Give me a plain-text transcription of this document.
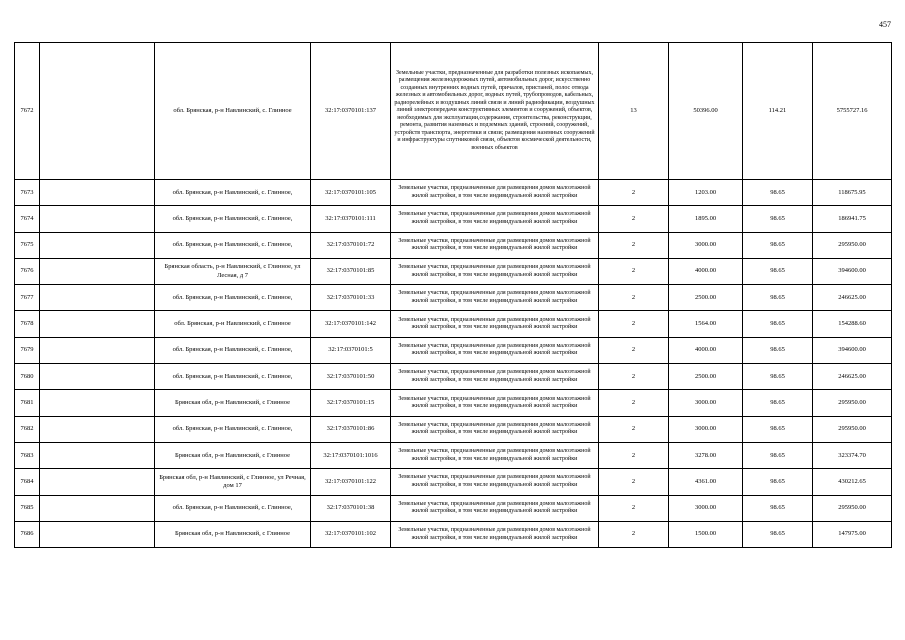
457
7672		обл. Брянская, р-н Навлинский, с. Глинное	32:17:0370101:137	Земельные участки, предназначенные для разработки полезных ископаемых, размещения железнодорожных путей, автомобильных дорог, искусственно созданных внутренних водных путей, причалов, пристаней, полос отвода железных и автомобильных дорог, водных путей, трубопроводов, кабельных, радиорелейных и воздушных линий связи и линий радиофикации, воздушных линий электропередачи конструктивных элементов и сооружений, объектов, необходимых для эксплуатации,содержания, строительства, реконструкции, ремонта, развития наземных и подземных зданий, строений, сооружений, устройств транспорта, энергетики и связи; размещения наземных сооружений и инфраструктуры спутниковой связи, объектов космической деятельности, военных объектов	13	50396.00	114.21	5755727.16
7673		обл. Брянская, р-н Навлинский, с. Глинное,	32:17:0370101:105	Земельные участки, предназначенные для размещения домов малоэтажной жилой застройки, в том числе индивидуальной жилой застройки	2	1203.00	98.65	118675.95
7674		обл. Брянская, р-н Навлинский, с. Глинное,	32:17:0370101:111	Земельные участки, предназначенные для размещения домов малоэтажной жилой застройки, в том числе индивидуальной жилой застройки	2	1895.00	98.65	186941.75
7675		обл. Брянская, р-н Навлинский, с. Глинное,	32:17:0370101:72	Земельные участки, предназначенные для размещения домов малоэтажной жилой застройки, в том числе индивидуальной жилой застройки	2	3000.00	98.65	295950.00
7676		Брянская область, р-н Навлинский, с Глинное, ул Лесная, д 7	32:17:0370101:85	Земельные участки, предназначенные для размещения домов малоэтажной жилой застройки, в том числе индивидуальной жилой застройки	2	4000.00	98.65	394600.00
7677		обл. Брянская, р-н Навлинский, с. Глинное,	32:17:0370101:33	Земельные участки, предназначенные для размещения домов малоэтажной жилой застройки, в том числе индивидуальной жилой застройки	2	2500.00	98.65	246625.00
7678		обл. Брянская, р-н Навлинский, с Глинное	32:17:0370101:142	Земельные участки, предназначенные для размещения домов малоэтажной жилой застройки, в том числе индивидуальной жилой застройки	2	1564.00	98.65	154288.60
7679		обл. Брянская, р-н Навлинский, с. Глинное,	32:17:0370101:5	Земельные участки, предназначенные для размещения домов малоэтажной жилой застройки, в том числе индивидуальной жилой застройки	2	4000.00	98.65	394600.00
7680		обл. Брянская, р-н Навлинский, с. Глинное,	32:17:0370101:50	Земельные участки, предназначенные для размещения домов малоэтажной жилой застройки, в том числе индивидуальной жилой застройки	2	2500.00	98.65	246625.00
7681		Брянская обл, р-н Навлинский, с Глинное	32:17:0370101:15	Земельные участки, предназначенные для размещения домов малоэтажной жилой застройки, в том числе индивидуальной жилой застройки	2	3000.00	98.65	295950.00
7682		обл. Брянская, р-н Навлинский, с. Глинное,	32:17:0370101:86	Земельные участки, предназначенные для размещения домов малоэтажной жилой застройки, в том числе индивидуальной жилой застройки	2	3000.00	98.65	295950.00
7683		Брянская обл, р-н Навлинский, с Глинное	32:17:0370101:1016	Земельные участки, предназначенные для размещения домов малоэтажной жилой застройки, в том числе индивидуальной жилой застройки	2	3278.00	98.65	323374.70
7684		Брянская обл, р-н Навлинский, с Глинное, ул Речная, дом 17	32:17:0370101:122	Земельные участки, предназначенные для размещения домов малоэтажной жилой застройки, в том числе индивидуальной жилой застройки	2	4361.00	98.65	430212.65
7685		обл. Брянская, р-н Навлинский, с. Глинное,	32:17:0370101:38	Земельные участки, предназначенные для размещения домов малоэтажной жилой застройки, в том числе индивидуальной жилой застройки	2	3000.00	98.65	295950.00
7686		Брянская обл, р-н Навлинский, с Глинное	32:17:0370101:102	Земельные участки, предназначенные для размещения домов малоэтажной жилой застройки, в том числе индивидуальной жилой застройки	2	1500.00	98.65	147975.00
